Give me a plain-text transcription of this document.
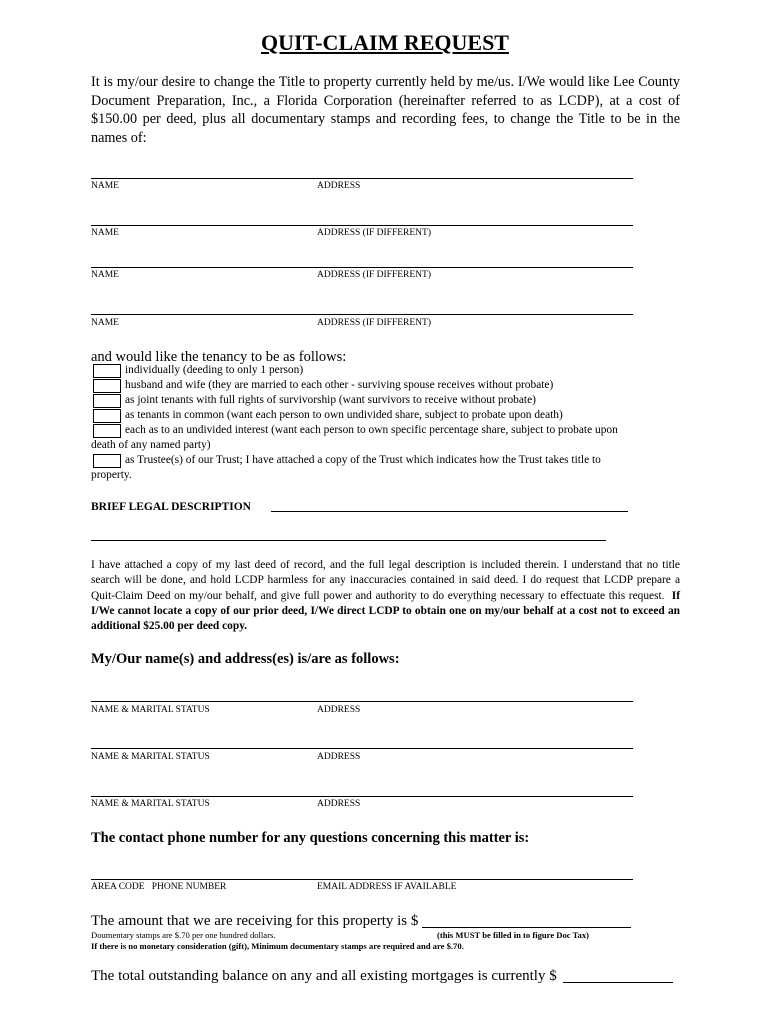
QUIT-CLAIM REQUEST
It is my/our desire to change the Title to property currently held by me/us. I/We would like Lee County Document Preparation, Inc., a Florida Corporation (hereinafter referred to as LCDP), at a cost of $150.00 per deed, plus all documentary stamps and recording fees, to change the Title to be in the names of:
NAME	ADDRESS
NAME	ADDRESS (IF DIFFERENT)
NAME	ADDRESS (IF DIFFERENT)
NAME	ADDRESS (IF DIFFERENT)
and would like the tenancy to be as follows:
individually (deeding to only 1 person)
husband and wife (they are married to each other - surviving spouse receives without probate)
as joint tenants with full rights of survivorship (want survivors to receive without probate)
as tenants in common (want each person to own undivided share, subject to probate upon death)
each as to an undivided interest (want each person to own specific percentage share, subject to probate upon
death of any named party)
as Trustee(s) of our Trust; I have attached a copy of the Trust which indicates how the Trust takes title to
property.
BRIEF LEGAL DESCRIPTION
I have attached a copy of my last deed of record, and the full legal description is included therein. I understand that no title search will be done, and hold LCDP harmless for any inaccuracies contained in said deed. I do request that LCDP prepare a Quit-Claim Deed on my/our behalf, and give full power and authority to do everything necessary to effectuate this request. If I/We cannot locate a copy of our prior deed, I/We direct LCDP to obtain one on my/our behalf at a cost not to exceed an additional $25.00 per deed copy.
My/Our name(s) and address(es) is/are as follows:
NAME & MARITAL STATUS	ADDRESS
NAME & MARITAL STATUS	ADDRESS
NAME & MARITAL STATUS	ADDRESS
The contact phone number for any questions concerning this matter is:
AREA CODE   PHONE NUMBER	EMAIL ADDRESS IF AVAILABLE
The amount that we are receiving for this property is $
Doumentary stamps are $.70 per one hundred dollars.	(this MUST be filled in to figure Doc Tax)
If there is no monetary consideration (gift), Minimum documentary stamps are required and are $.70.
The total outstanding balance on any and all existing mortgages is currently $
